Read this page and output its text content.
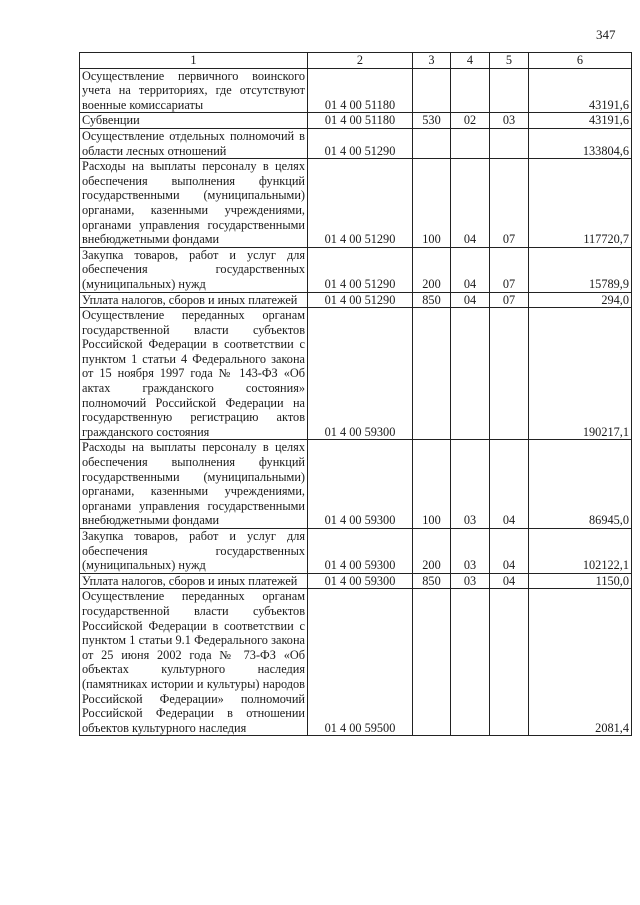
347
1	2	3	4	5	6
Осуществление первичного воинского учета на территориях, где отсутствуют военные комиссариаты	01 4 00 51180				43191,6
Субвенции	01 4 00 51180	530	02	03	43191,6
Осуществление отдельных полномочий в области лесных отношений	01 4 00 51290				133804,6
Расходы на выплаты персоналу в целях обеспечения выполнения функций государственными (муниципальными) органами, казенными учреждениями, органами управления государственными внебюджетными фондами	01 4 00 51290	100	04	07	117720,7
Закупка товаров, работ и услуг для обеспечения государственных (муниципальных) нужд	01 4 00 51290	200	04	07	15789,9
Уплата налогов, сборов и иных платежей	01 4 00 51290	850	04	07	294,0
Осуществление переданных органам государственной власти субъектов Российской Федерации в соответствии с пунктом 1 статьи 4 Федерального закона от 15 ноября 1997 года № 143-ФЗ «Об актах гражданского состояния» полномочий Российской Федерации на государственную регистрацию актов гражданского состояния	01 4 00 59300				190217,1
Расходы на выплаты персоналу в целях обеспечения выполнения функций государственными (муниципальными) органами, казенными учреждениями, органами управления государственными внебюджетными фондами	01 4 00 59300	100	03	04	86945,0
Закупка товаров, работ и услуг для обеспечения государственных (муниципальных) нужд	01 4 00 59300	200	03	04	102122,1
Уплата налогов, сборов и иных платежей	01 4 00 59300	850	03	04	1150,0
Осуществление переданных органам государственной власти субъектов Российской Федерации в соответствии с пунктом 1 статьи 9.1 Федерального закона от 25 июня 2002 года № 73-ФЗ «Об объектах культурного наследия (памятниках истории и культуры) народов Российской Федерации» полномочий Российской Федерации в отношении объектов культурного наследия	01 4 00 59500				2081,4
